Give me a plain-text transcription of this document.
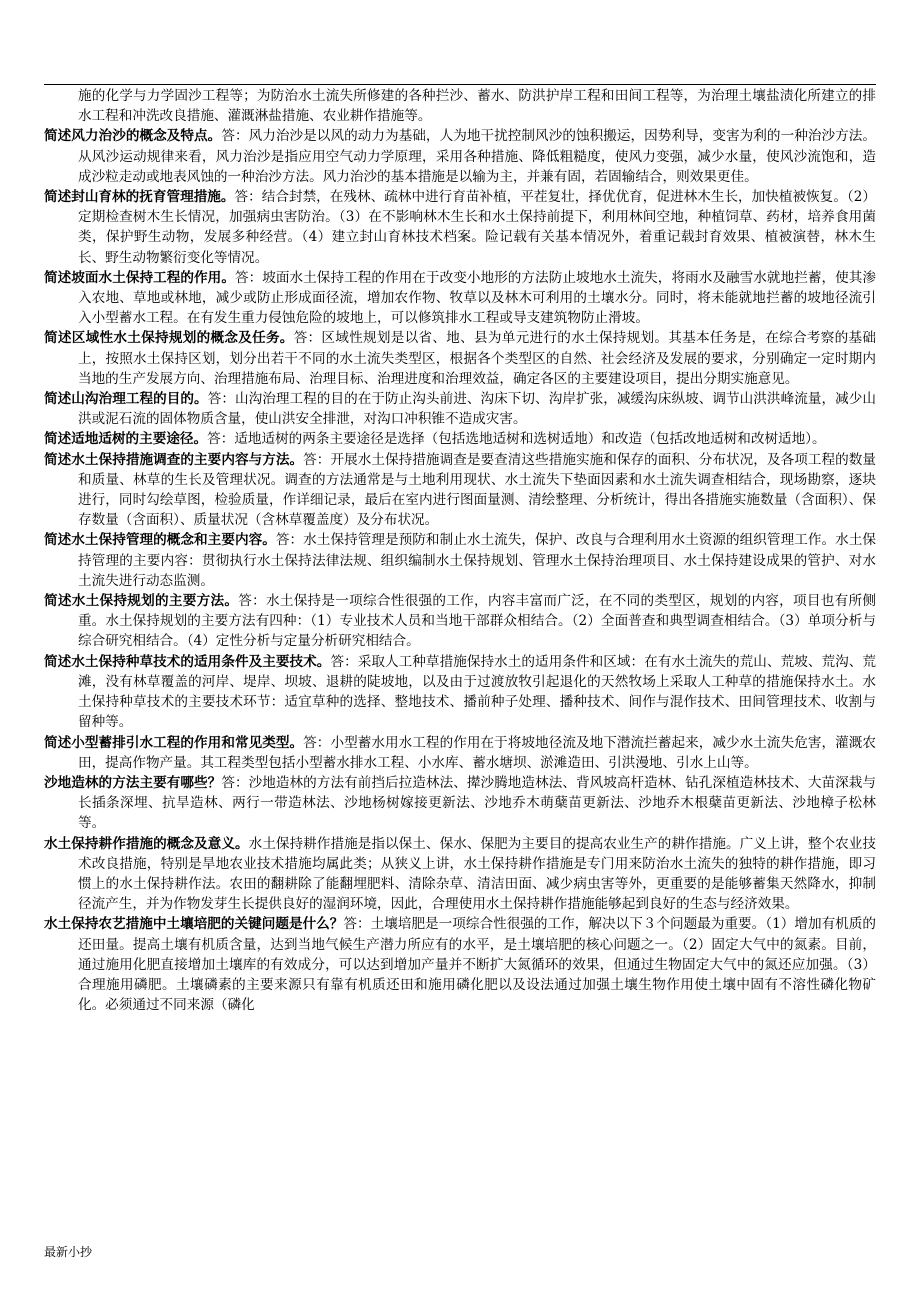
施的化学与力学固沙工程等；为防治水土流失所修建的各种拦沙、蓄水、防洪护岸工程和田间工程等，为治理土壤盐渍化所建立的排水工程和冲洗改良措施、灌溉淋盐措施、农业耕作措施等。

简述风力治沙的概念及特点。答：风力治沙是以风的动力为基础，人为地干扰控制风沙的蚀积搬运，因势利导，变害为利的一种治沙方法。从风沙运动规律来看，风力治沙是指应用空气动力学原理，采用各种措施、降低粗糙度，使风力变强，减少水量，使风沙流饱和，造成沙粒走动或地表风蚀的一种治沙方法。风力治沙的基本措施是以输为主，并兼有固，若固输结合，则效果更佳。

简述封山育林的抚育管理措施。答：结合封禁，在残林、疏林中进行育苗补植，平茬复壮，择优优育，促进林木生长，加快植被恢复。（2）定期检查树木生长情况，加强病虫害防治。（3）在不影响林木生长和水土保持前提下，利用林间空地，种植饲草、药材，培养食用菌类，保护野生动物，发展多种经营。（4）建立封山育林技术档案。险记载有关基本情况外，着重记载封育效果、植被演替，林木生长、野生动物繁衍变化等情况。

简述坡面水土保持工程的作用。答：坡面水土保持工程的作用在于改变小地形的方法防止坡地水土流失，将雨水及融雪水就地拦蓄，使其渗入农地、草地或林地，减少或防止形成面径流，增加农作物、牧草以及林木可利用的土壤水分。同时，将未能就地拦蓄的坡地径流引入小型蓄水工程。在有发生重力侵蚀危险的坡地上，可以修筑排水工程或导支建筑物防止滑坡。

简述区域性水土保持规划的概念及任务。答：区域性规划是以省、地、县为单元进行的水土保持规划。其基本任务是，在综合考察的基础上，按照水土保持区划，划分出若干不同的水土流失类型区，根据各个类型区的自然、社会经济及发展的要求，分别确定一定时期内当地的生产发展方向、治理措施布局、治理目标、治理进度和治理效益，确定各区的主要建设项目，提出分期实施意见。

简述山沟治理工程的目的。答：山沟治理工程的目的在于防止沟头前进、沟床下切、沟岸扩张，减缓沟床纵坡、调节山洪洪峰流量，减少山洪或泥石流的固体物质含量，使山洪安全排泄，对沟口冲积锥不造成灾害。

简述适地适树的主要途径。答：适地适树的两条主要途径是选择（包括选地适树和选树适地）和改造（包括改地适树和改树适地）。

简述水土保持措施调查的主要内容与方法。答：开展水土保持措施调查是要查清这些措施实施和保存的面积、分布状况，及各项工程的数量和质量、林草的生长及管理状况。调查的方法通常是与土地利用现状、水土流失下垫面因素和水土流失调查相结合，现场勘察，逐块进行，同时勾绘草图，检验质量，作详细记录，最后在室内进行图面量测、清绘整理、分析统计，得出各措施实施数量（含面积）、保存数量（含面积）、质量状况（含林草覆盖度）及分布状况。

简述水土保持管理的概念和主要内容。答：水土保持管理是预防和制止水土流失，保护、改良与合理利用水土资源的组织管理工作。水土保持管理的主要内容：贯彻执行水土保持法律法规、组织编制水土保持规划、管理水土保持治理项目、水土保持建设成果的管护、对水土流失进行动态监测。

简述水土保持规划的主要方法。答：水土保持是一项综合性很强的工作，内容丰富而广泛，在不同的类型区，规划的内容，项目也有所侧重。水土保持规划的主要方法有四种：（1）专业技术人员和当地干部群众相结合。（2）全面普查和典型调查相结合。（3）单项分析与综合研究相结合。（4）定性分析与定量分析研究相结合。

简述水土保持种草技术的适用条件及主要技术。答：采取人工种草措施保持水土的适用条件和区域：在有水土流失的荒山、荒坡、荒沟、荒滩，没有林草覆盖的河岸、堤岸、坝坡、退耕的陡坡地，以及由于过渡放牧引起退化的天然牧场上采取人工种草的措施保持水土。水土保持种草技术的主要技术环节：适宜草种的选择、整地技术、播前种子处理、播种技术、间作与混作技术、田间管理技术、收割与留种等。

简述小型蓄排引水工程的作用和常见类型。答：小型蓄水用水工程的作用在于将坡地径流及地下潜流拦蓄起来，减少水土流失危害，灌溉农田，提高作物产量。其工程类型包括小型蓄水排水工程、小水库、蓄水塘坝、淤滩造田、引洪漫地、引水上山等。

沙地造林的方法主要有哪些？答：沙地造林的方法有前挡后拉造林法、撵沙腾地造林法、背风坡高杆造林、钻孔深植造林技术、大苗深栽与长插条深埋、抗旱造林、两行一带造林法、沙地杨树嫁接更新法、沙地乔木萌蘖苗更新法、沙地乔木根蘖苗更新法、沙地樟子松林等。

水土保持耕作措施的概念及意义。水土保持耕作措施是指以保土、保水、保肥为主要目的提高农业生产的耕作措施。广义上讲，整个农业技术改良措施，特别是旱地农业技术措施均属此类；从狭义上讲，水土保持耕作措施是专门用来防治水土流失的独特的耕作措施，即习惯上的水土保持耕作法。农田的翻耕除了能翻埋肥料、清除杂草、清洁田面、减少病虫害等外，更重要的是能够蓄集天然降水，抑制径流产生，并为作物发芽生长提供良好的湿润环境，因此，合理使用水土保持耕作措施能够起到良好的生态与经济效果。

水土保持农艺措施中土壤培肥的关键问题是什么？答：土壤培肥是一项综合性很强的工作，解决以下３个问题最为重要。（1）增加有机质的还田量。提高土壤有机质含量，达到当地气候生产潜力所应有的水平，是土壤培肥的核心问题之一。（2）固定大气中的氮素。目前，通过施用化肥直接增加土壤库的有效成分，可以达到增加产量并不断扩大氮循环的效果，但通过生物固定大气中的氮还应加强。（3）合理施用磷肥。土壤磷素的主要来源只有靠有机质还田和施用磷化肥以及设法通过加强土壤生物作用使土壤中固有不溶性磷化物矿化。必须通过不同来源（磷化

最新小抄
